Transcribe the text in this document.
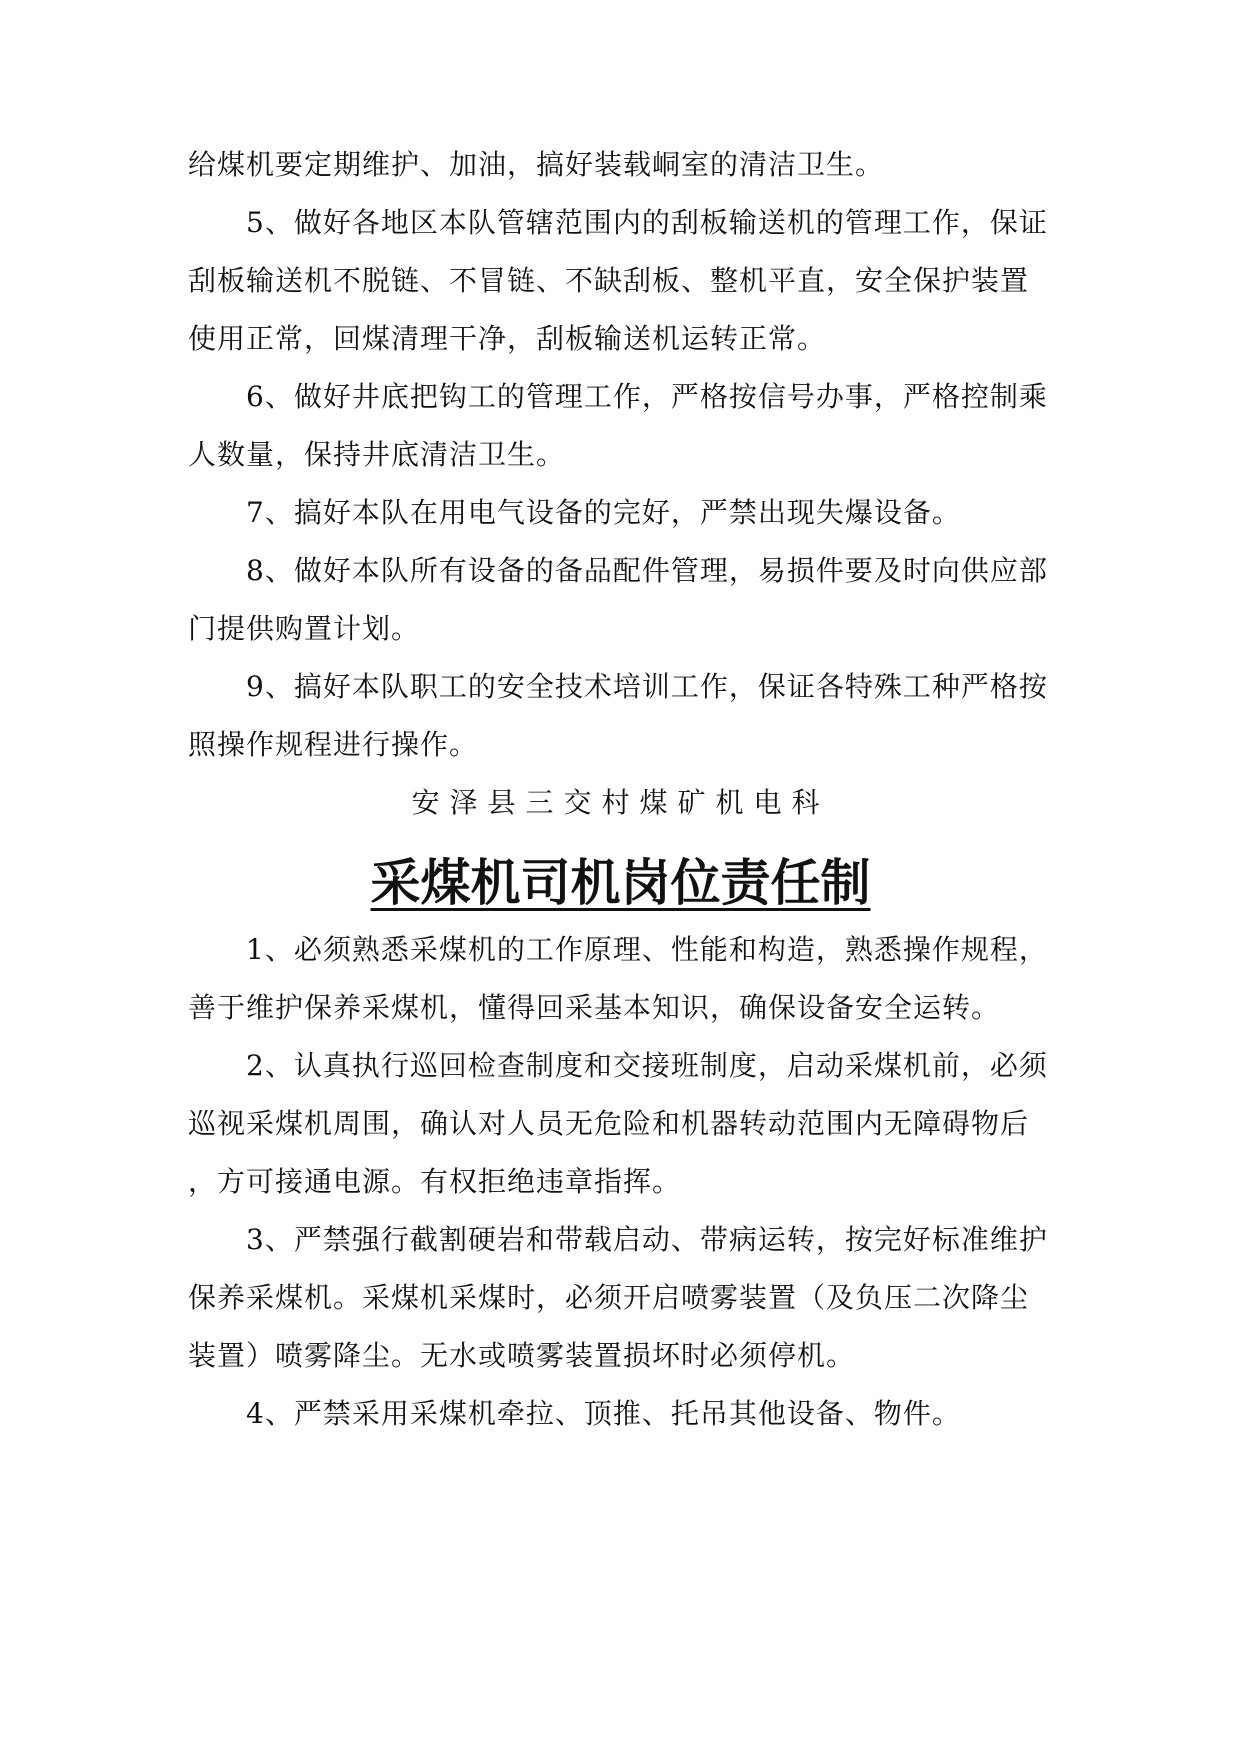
给煤机要定期维护、加油，搞好装载峒室的清洁卫生。
5、做好各地区本队管辖范围内的刮板输送机的管理工作，保证
刮板输送机不脱链、不冒链、不缺刮板、整机平直，安全保护装置
使用正常，回煤清理干净，刮板输送机运转正常。
6、做好井底把钩工的管理工作，严格按信号办事，严格控制乘
人数量，保持井底清洁卫生。
7、搞好本队在用电气设备的完好，严禁出现失爆设备。
8、做好本队所有设备的备品配件管理，易损件要及时向供应部
门提供购置计划。
9、搞好本队职工的安全技术培训工作，保证各特殊工种严格按
照操作规程进行操作。
安泽县三交村煤矿机电科
采煤机司机岗位责任制
1、必须熟悉采煤机的工作原理、性能和构造，熟悉操作规程，
善于维护保养采煤机，懂得回采基本知识，确保设备安全运转。
2、认真执行巡回检查制度和交接班制度，启动采煤机前，必须
巡视采煤机周围，确认对人员无危险和机器转动范围内无障碍物后
，方可接通电源。有权拒绝违章指挥。
3、严禁强行截割硬岩和带载启动、带病运转，按完好标准维护
保养采煤机。采煤机采煤时，必须开启喷雾装置（及负压二次降尘
装置）喷雾降尘。无水或喷雾装置损坏时必须停机。
4、严禁采用采煤机牵拉、顶推、托吊其他设备、物件。
